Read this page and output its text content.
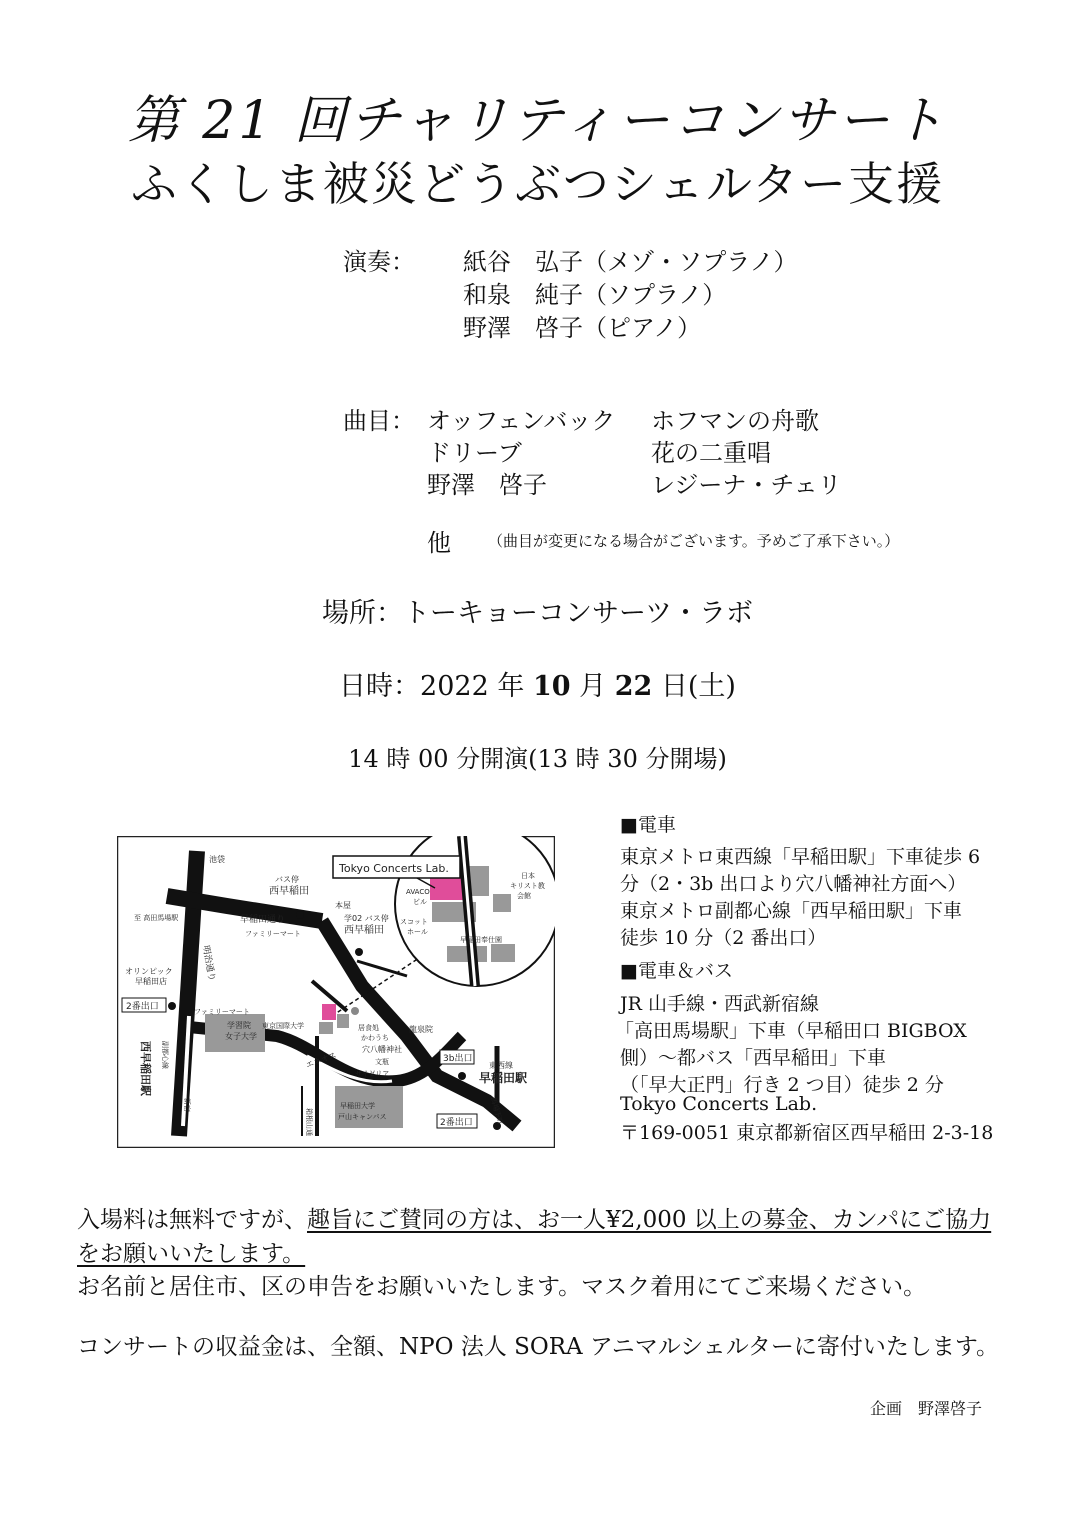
第 21 回チャリティーコンサート
ふくしま被災どうぶつシェルター支援
演奏： 紙谷　弘子（メゾ・ソプラノ）
和泉　純子（ソプラノ）
野澤　啓子（ピアノ）
曲目： オッフェンバック ホフマンの舟歌
ドリーブ	花の二重唱
野澤　啓子	レジーナ・チェリ
他 （曲目が変更になる場合がございます。予めご了承下さい。）
場所：トーキョーコンサーツ・ラボ
日時：2022 年 10 月 22 日(土)
14 時 00 分開演(13 時 30 分開場)
Tokyo Concerts Lab.
池袋
バス停
西早稲田
早稲田通り
至 高田馬場駅
ファミリーマート
明治通り
オリンピック
早稲田店
2番出口	ファミリーマート
西早稲田駅 副都心線
学習院
女子大学
新宿
本屋
学02 バス停
西早稲田
東京国際大学	居食処
かわうち
穴八幡神社
龍泉院
エネオス	文瓶
サイゼリア
3b出口
東西線
早稲田駅
2番出口 馬場下町
早稲田大学
戸山キャンパス
箱根山通
AVACO
ビル
日本
キリスト教
会館
スコット
ホール
早稲田奉仕園
■電車
東京メトロ東西線「早稲田駅」下車徒歩 6
分（2・3b 出口より穴八幡神社方面へ）
東京メトロ副都心線「西早稲田駅」下車
徒歩 10 分（2 番出口）
■電車＆バス
JR 山手線・西武新宿線
「高田馬場駅」下車（早稲田口 BIGBOX
側）～都バス「西早稲田」下車
（「早大正門」行き 2 つ目）徒歩 2 分
Tokyo Concerts Lab.
〒169-0051 東京都新宿区西早稲田 2-3-18
入場料は無料ですが、趣旨にご賛同の方は、お一人¥2,000 以上の募金、カンパにご協力をお願いいたします。
お名前と居住市、区の申告をお願いいたします。マスク着用にてご来場ください。
コンサートの収益金は、全額、NPO 法人 SORA アニマルシェルターに寄付いたします。
企画　野澤啓子
